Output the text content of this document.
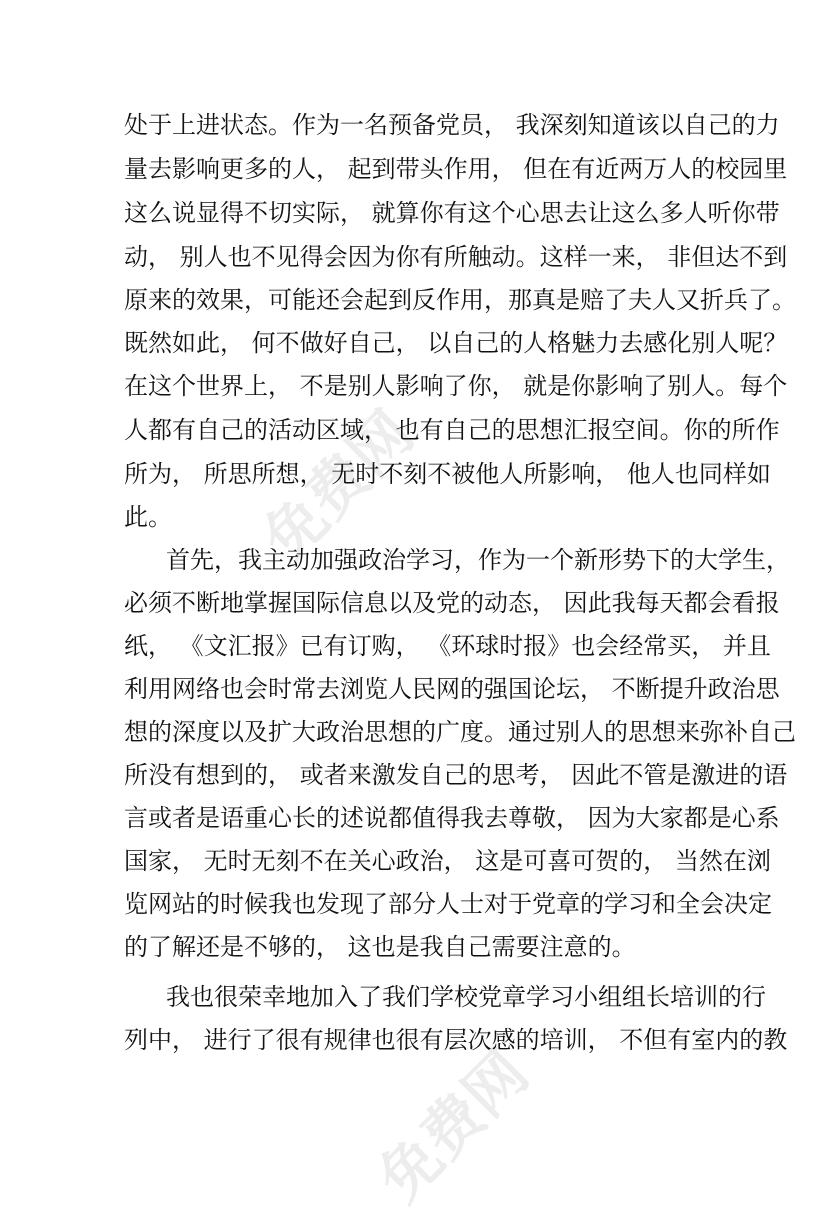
免费网
免费网
处于上进状态。作为一名预备党员， 我深刻知道该以自己的力
量去影响更多的人， 起到带头作用， 但在有近两万人的校园里
这么说显得不切实际， 就算你有这个心思去让这么多人听你带
动， 别人也不见得会因为你有所触动。这样一来， 非但达不到
原来的效果，可能还会起到反作用，那真是赔了夫人又折兵了。
既然如此， 何不做好自己， 以自己的人格魅力去感化别人呢？
在这个世界上， 不是别人影响了你， 就是你影响了别人。每个
人都有自己的活动区域， 也有自己的思想汇报空间。你的所作
所为， 所思所想， 无时不刻不被他人所影响， 他人也同样如
此。
首先，我主动加强政治学习，作为一个新形势下的大学生，
必须不断地掌握国际信息以及党的动态， 因此我每天都会看报
纸， 《文汇报》已有订购， 《环球时报》也会经常买， 并且
利用网络也会时常去浏览人民网的强国论坛， 不断提升政治思
想的深度以及扩大政治思想的广度。通过别人的思想来弥补自己
所没有想到的， 或者来激发自己的思考， 因此不管是激进的语
言或者是语重心长的述说都值得我去尊敬， 因为大家都是心系
国家， 无时无刻不在关心政治， 这是可喜可贺的， 当然在浏
览网站的时候我也发现了部分人士对于党章的学习和全会决定
的了解还是不够的， 这也是我自己需要注意的。
我也很荣幸地加入了我们学校党章学习小组组长培训的行
列中， 进行了很有规律也很有层次感的培训， 不但有室内的教
